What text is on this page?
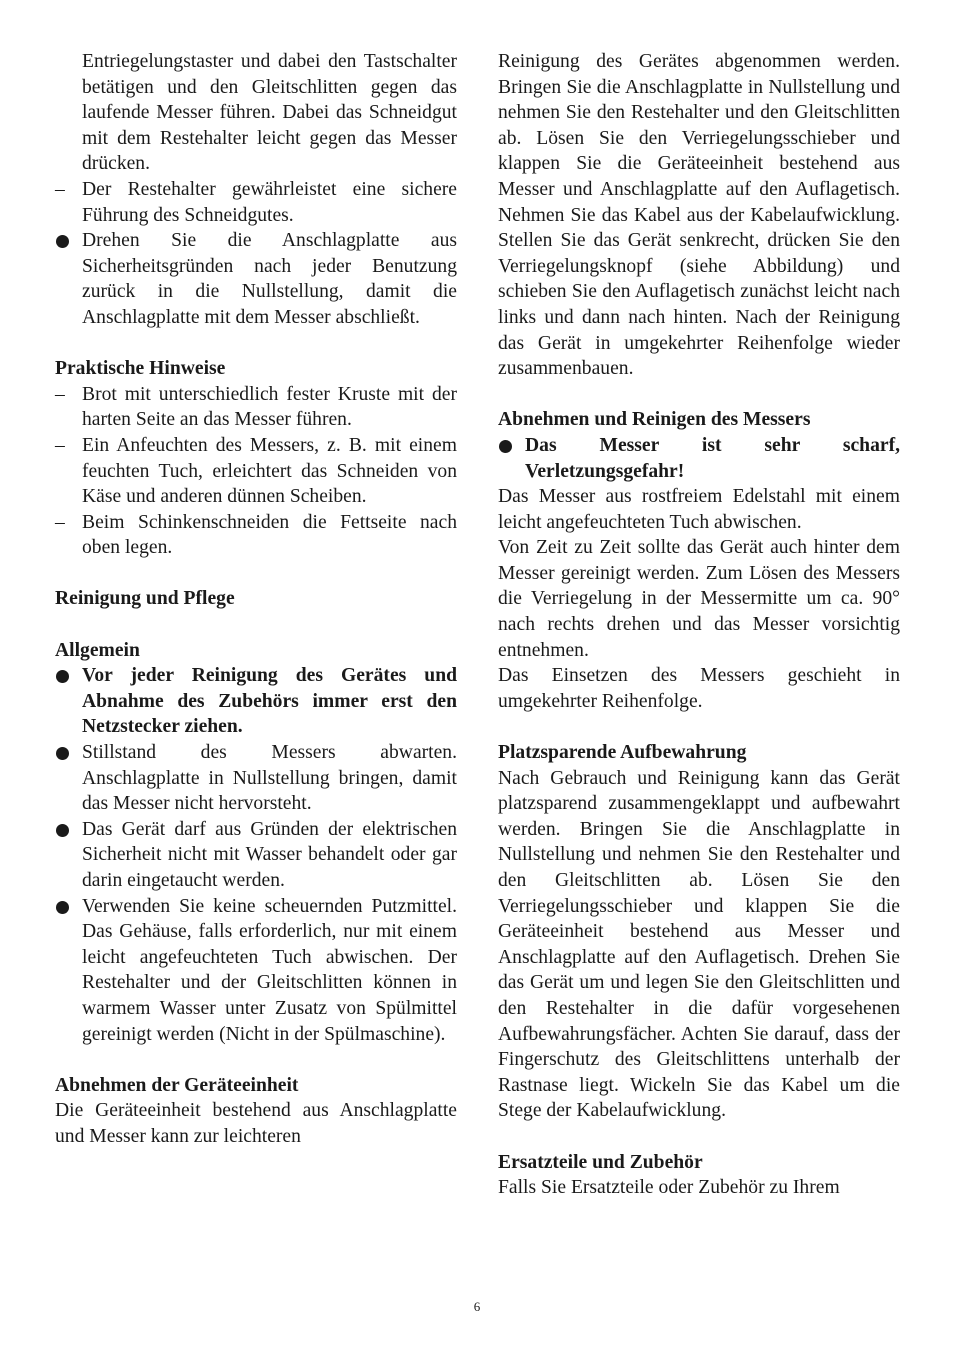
Entriegelungstaster und dabei den Tastschalter betätigen und den Gleitschlitten gegen das laufende Messer führen. Dabei das Schneidgut mit dem Restehalter leicht gegen das Messer drücken.

– Der Restehalter gewährleistet eine sichere Führung des Schneidgutes.
Drehen Sie die Anschlagplatte aus Sicherheitsgründen nach jeder Benutzung zurück in die Nullstellung, damit die Anschlagplatte mit dem Messer abschließt.

Praktische Hinweise

– Brot mit unterschiedlich fester Kruste mit der harten Seite an das Messer führen.
– Ein Anfeuchten des Messers, z. B. mit einem feuchten Tuch, erleichtert das Schneiden von Käse und anderen dünnen Scheiben.
– Beim Schinkenschneiden die Fettseite nach oben legen.

Reinigung und Pflege

Allgemein

Vor jeder Reinigung des Gerätes und Abnahme des Zubehörs immer erst den Netzstecker ziehen.
Stillstand des Messers abwarten. Anschlagplatte in Nullstellung bringen, damit das Messer nicht hervorsteht.
Das Gerät darf aus Gründen der elektrischen Sicherheit nicht mit Wasser behandelt oder gar darin eingetaucht werden.
Verwenden Sie keine scheuernden Putzmittel. Das Gehäuse, falls erforderlich, nur mit einem leicht angefeuchteten Tuch abwischen. Der Restehalter und der Gleitschlitten können in warmem Wasser unter Zusatz von Spülmittel gereinigt werden (Nicht in der Spülmaschine).

Abnehmen der Geräteeinheit

Die Geräteeinheit bestehend aus Anschlagplatte und Messer kann zur leichteren

Reinigung des Gerätes abgenommen werden. Bringen Sie die Anschlagplatte in Nullstellung und nehmen Sie den Restehalter und den Gleitschlitten ab. Lösen Sie den Verriegelungsschieber und klappen Sie die Geräteeinheit bestehend aus Messer und Anschlagplatte auf den Auflagetisch. Nehmen Sie das Kabel aus der Kabelaufwicklung. Stellen Sie das Gerät senkrecht, drücken Sie den Verriegelungsknopf (siehe Abbildung) und schieben Sie den Auflagetisch zunächst leicht nach links und dann nach hinten. Nach der Reinigung das Gerät in umgekehrter Reihenfolge wieder zusammenbauen.

Abnehmen und Reinigen des Messers

Das Messer ist sehr scharf, Verletzungsgefahr!

Das Messer aus rostfreiem Edelstahl mit einem leicht angefeuchteten Tuch abwischen.

Von Zeit zu Zeit sollte das Gerät auch hinter dem Messer gereinigt werden. Zum Lösen des Messers die Verriegelung in der Messermitte um ca. 90° nach rechts drehen und das Messer vorsichtig entnehmen.

Das Einsetzen des Messers geschieht in umgekehrter Reihenfolge.

Platzsparende Aufbewahrung

Nach Gebrauch und Reinigung kann das Gerät platzsparend zusammengeklappt und aufbewahrt werden. Bringen Sie die Anschlagplatte in Nullstellung und nehmen Sie den Restehalter und den Gleitschlitten ab. Lösen Sie den Verriegelungsschieber und klappen Sie die Geräteeinheit bestehend aus Messer und Anschlagplatte auf den Auflagetisch. Drehen Sie das Gerät um und legen Sie den Gleitschlitten und den Restehalter in die dafür vorgesehenen Aufbewahrungsfächer. Achten Sie darauf, dass der Fingerschutz des Gleitschlittens unterhalb der Rastnase liegt. Wickeln Sie das Kabel um die Stege der Kabelaufwicklung.

Ersatzteile und Zubehör

Falls Sie Ersatzteile oder Zubehör zu Ihrem

6
